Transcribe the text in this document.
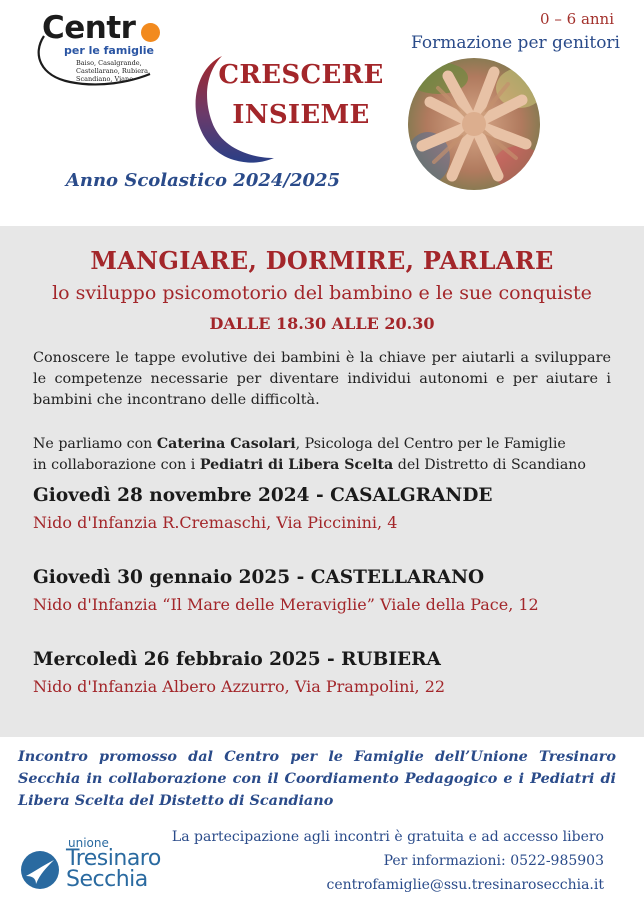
Centr
per le famiglie
Baiso, Casalgrande, Castellarano, Rubiera, Scandiano, Viano
0 – 6 anni
Formazione per genitori
CRESCERE
INSIEME
Anno Scolastico 2024/2025
MANGIARE, DORMIRE, PARLARE
lo sviluppo psicomotorio del bambino e le sue conquiste
DALLE 18.30 ALLE 20.30

Conoscere le tappe evolutive dei bambini è la chiave per aiutarli a sviluppare le competenze necessarie per diventare individui autonomi e per aiutare i bambini che incontrano delle difficoltà.

Ne parliamo con Caterina Casolari, Psicologa del Centro per le Famiglie
in collaborazione con i Pediatri di Libera Scelta del Distretto di Scandiano

Giovedì 28 novembre 2024 - CASALGRANDE
Nido d'Infanzia R.Cremaschi, Via Piccinini, 4
Giovedì 30 gennaio 2025 - CASTELLARANO
Nido d'Infanzia “Il Mare delle Meraviglie” Viale della Pace, 12
Mercoledì 26 febbraio 2025 - RUBIERA
Nido d'Infanzia Albero Azzurro, Via Prampolini, 22

Incontro promosso dal Centro per le Famiglie dell’Unione Tresinaro Secchia in collaborazione con il Coordiamento Pedagogico e i Pediatri di Libera Scelta del Distetto di Scandiano

unione
Tresinaro
Secchia
La partecipazione agli incontri è gratuita e ad accesso libero
Per informazioni: 0522-985903
centrofamiglie@ssu.tresinarosecchia.it
